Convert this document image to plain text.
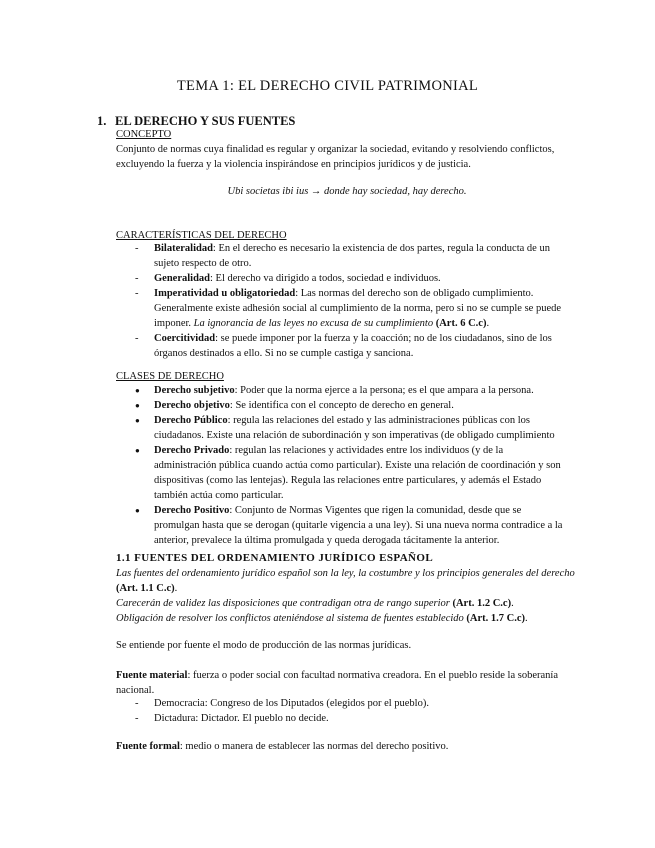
TEMA 1: EL DERECHO CIVIL PATRIMONIAL
1. EL DERECHO Y SUS FUENTES
CONCEPTO
Conjunto de normas cuya finalidad es regular y organizar la sociedad, evitando y resolviendo conflictos, excluyendo la fuerza y la violencia inspirándose en principios jurídicos y de justicia.
Ubi societas ibi ius → donde hay sociedad, hay derecho.
CARACTERÍSTICAS DEL DERECHO
- Bilateralidad: En el derecho es necesario la existencia de dos partes, regula la conducta de un sujeto respecto de otro.
- Generalidad: El derecho va dirigido a todos, sociedad e individuos.
- Imperatividad u obligatoriedad: Las normas del derecho son de obligado cumplimiento. Generalmente existe adhesión social al cumplimiento de la norma, pero si no se cumple se puede imponer. La ignorancia de las leyes no excusa de su cumplimiento (Art. 6 C.c).
- Coercitividad: se puede imponer por la fuerza y la coacción; no de los ciudadanos, sino de los órganos destinados a ello. Si no se cumple castiga y sanciona.
CLASES DE DERECHO
● Derecho subjetivo: Poder que la norma ejerce a la persona; es el que ampara a la persona.
● Derecho objetivo: Se identifica con el concepto de derecho en general.
● Derecho Público: regula las relaciones del estado y las administraciones públicas con los ciudadanos. Existe una relación de subordinación y son imperativas (de obligado cumplimiento
● Derecho Privado: regulan las relaciones y actividades entre los individuos (y de la administración pública cuando actúa como particular). Existe una relación de coordinación y son dispositivas (como las lentejas). Regula las relaciones entre particulares, y además el Estado también actúa como particular.
● Derecho Positivo: Conjunto de Normas Vigentes que rigen la comunidad, desde que se promulgan hasta que se derogan (quitarle vigencia a una ley). Si una nueva norma contradice a la anterior, prevalece la última promulgada y queda derogada tácitamente la anterior.
1.1 FUENTES DEL ORDENAMIENTO JURÍDICO ESPAÑOL
Las fuentes del ordenamiento jurídico español son la ley, la costumbre y los principios generales del derecho (Art. 1.1 C.c).
Carecerán de validez las disposiciones que contradigan otra de rango superior (Art. 1.2 C.c).
Obligación de resolver los conflictos ateniéndose al sistema de fuentes establecido (Art. 1.7 C.c).
Se entiende por fuente el modo de producción de las normas jurídicas.
Fuente material: fuerza o poder social con facultad normativa creadora. En el pueblo reside la soberanía nacional.
- Democracia: Congreso de los Diputados (elegidos por el pueblo).
- Dictadura: Dictador. El pueblo no decide.
Fuente formal: medio o manera de establecer las normas del derecho positivo.
